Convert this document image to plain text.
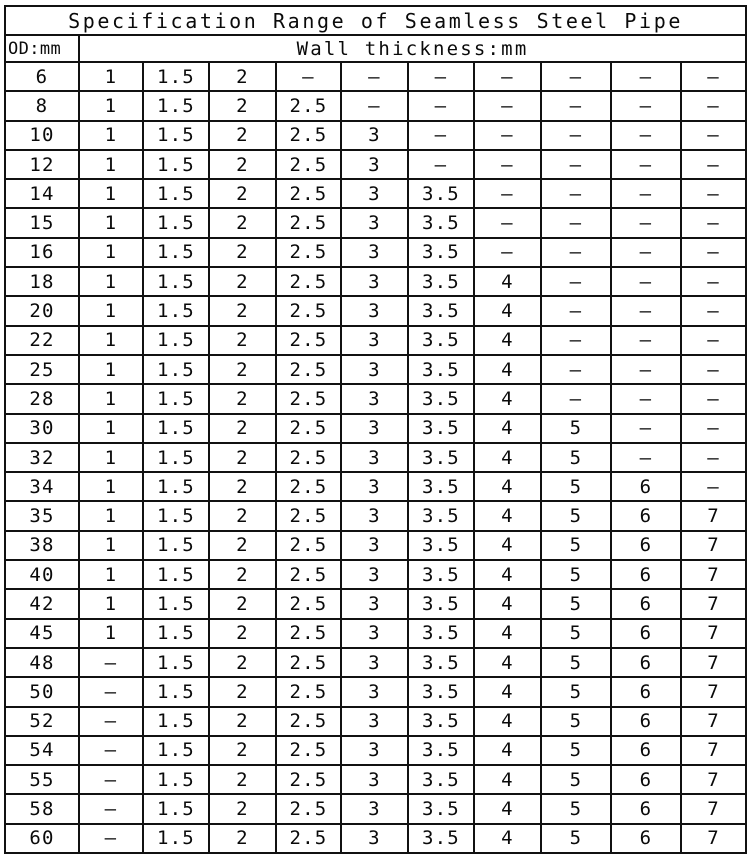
Specification Range of Seamless Steel Pipe										
OD:mm	Wall thickness:mm									
6	1	1.5	2	–	–	–	–	–	–	–
8	1	1.5	2	2.5	–	–	–	–	–	–
10	1	1.5	2	2.5	3	–	–	–	–	–
12	1	1.5	2	2.5	3	–	–	–	–	–
14	1	1.5	2	2.5	3	3.5	–	–	–	–
15	1	1.5	2	2.5	3	3.5	–	–	–	–
16	1	1.5	2	2.5	3	3.5	–	–	–	–
18	1	1.5	2	2.5	3	3.5	4	–	–	–
20	1	1.5	2	2.5	3	3.5	4	–	–	–
22	1	1.5	2	2.5	3	3.5	4	–	–	–
25	1	1.5	2	2.5	3	3.5	4	–	–	–
28	1	1.5	2	2.5	3	3.5	4	–	–	–
30	1	1.5	2	2.5	3	3.5	4	5	–	–
32	1	1.5	2	2.5	3	3.5	4	5	–	–
34	1	1.5	2	2.5	3	3.5	4	5	6	–
35	1	1.5	2	2.5	3	3.5	4	5	6	7
38	1	1.5	2	2.5	3	3.5	4	5	6	7
40	1	1.5	2	2.5	3	3.5	4	5	6	7
42	1	1.5	2	2.5	3	3.5	4	5	6	7
45	1	1.5	2	2.5	3	3.5	4	5	6	7
48	–	1.5	2	2.5	3	3.5	4	5	6	7
50	–	1.5	2	2.5	3	3.5	4	5	6	7
52	–	1.5	2	2.5	3	3.5	4	5	6	7
54	–	1.5	2	2.5	3	3.5	4	5	6	7
55	–	1.5	2	2.5	3	3.5	4	5	6	7
58	–	1.5	2	2.5	3	3.5	4	5	6	7
60	–	1.5	2	2.5	3	3.5	4	5	6	7
